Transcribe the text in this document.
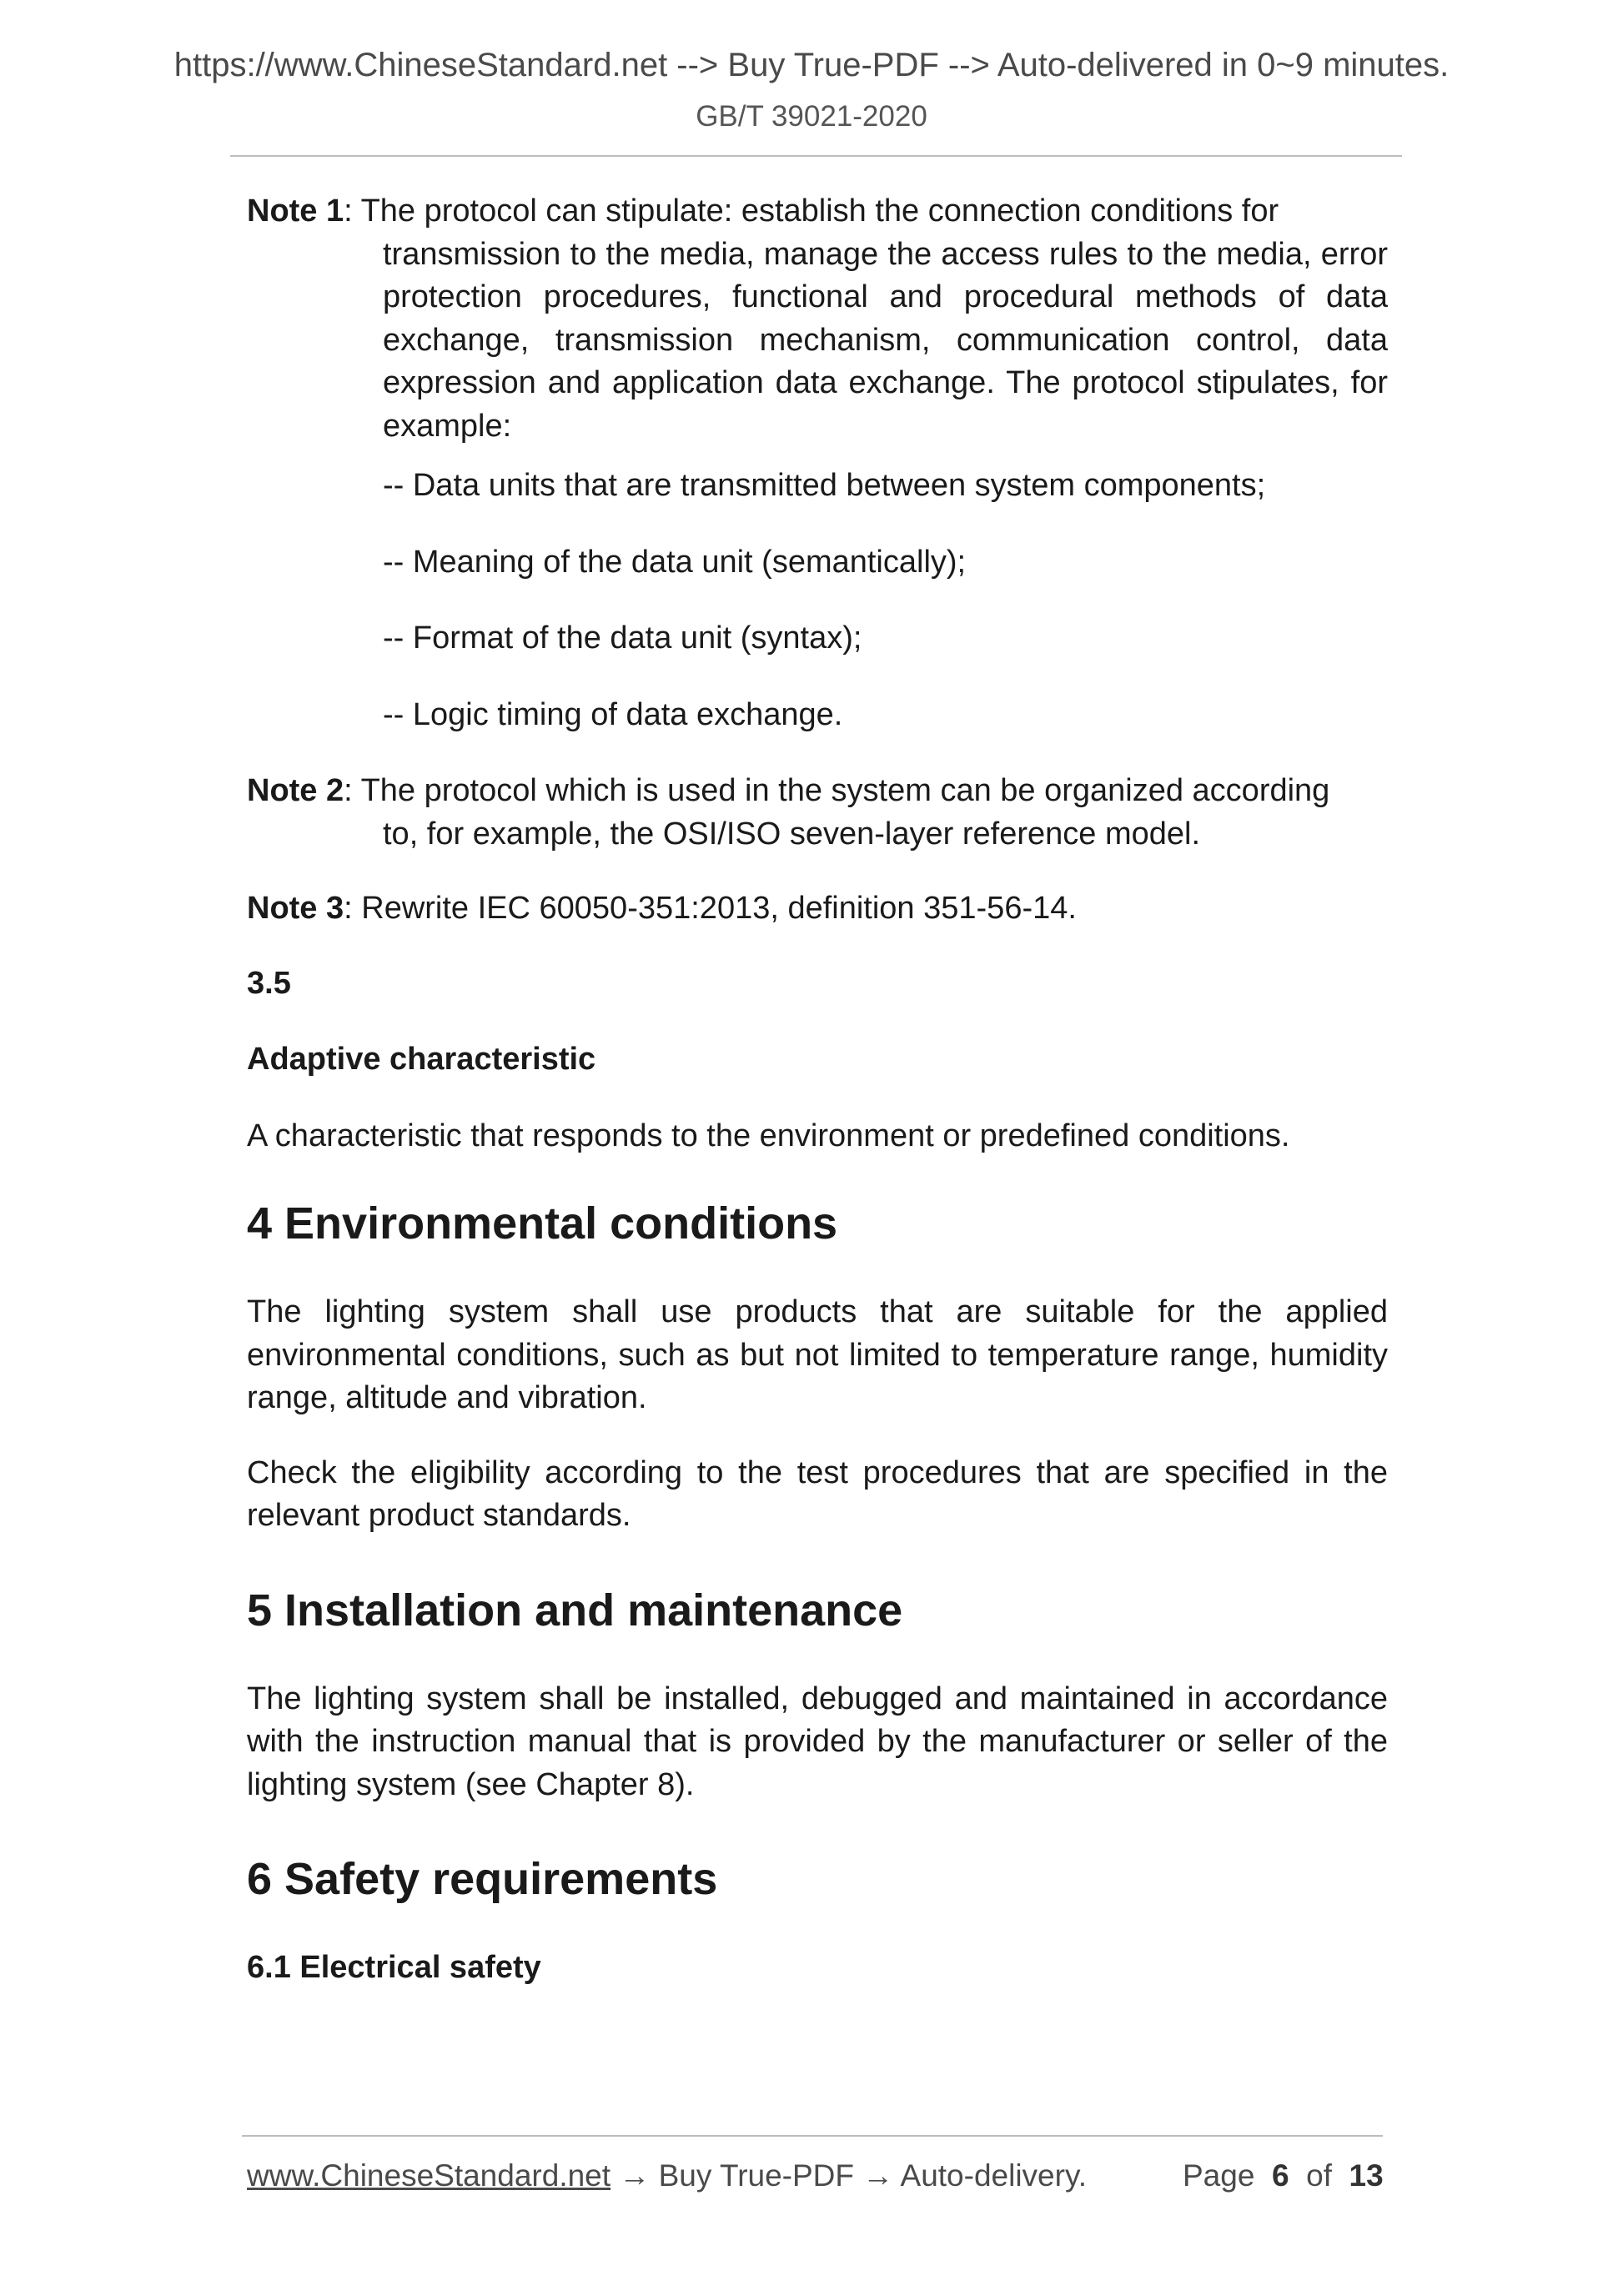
https://www.ChineseStandard.net --> Buy True-PDF --> Auto-delivered in 0~9 minutes.
GB/T 39021-2020
Note 1: The protocol can stipulate: establish the connection conditions for
transmission to the media, manage the access rules to the media, error protection procedures, functional and procedural methods of data exchange, transmission mechanism, communication control, data expression and application data exchange. The protocol stipulates, for example:

-- Data units that are transmitted between system components;

-- Meaning of the data unit (semantically);

-- Format of the data unit (syntax);

-- Logic timing of data exchange.

Note 2: The protocol which is used in the system can be organized according
to, for example, the OSI/ISO seven-layer reference model.
Note 3: Rewrite IEC 60050-351:2013, definition 351-56-14.

3.5

Adaptive characteristic

A characteristic that responds to the environment or predefined conditions.

4 Environmental conditions

The lighting system shall use products that are suitable for the applied environmental conditions, such as but not limited to temperature range, humidity range, altitude and vibration.

Check the eligibility according to the test procedures that are specified in the relevant product standards.

5 Installation and maintenance

The lighting system shall be installed, debugged and maintained in accordance with the instruction manual that is provided by the manufacturer or seller of the lighting system (see Chapter 8).

6 Safety requirements

6.1 Electrical safety

www.ChineseStandard.net → Buy True-PDF → Auto-delivery.	Page 6 of 13
